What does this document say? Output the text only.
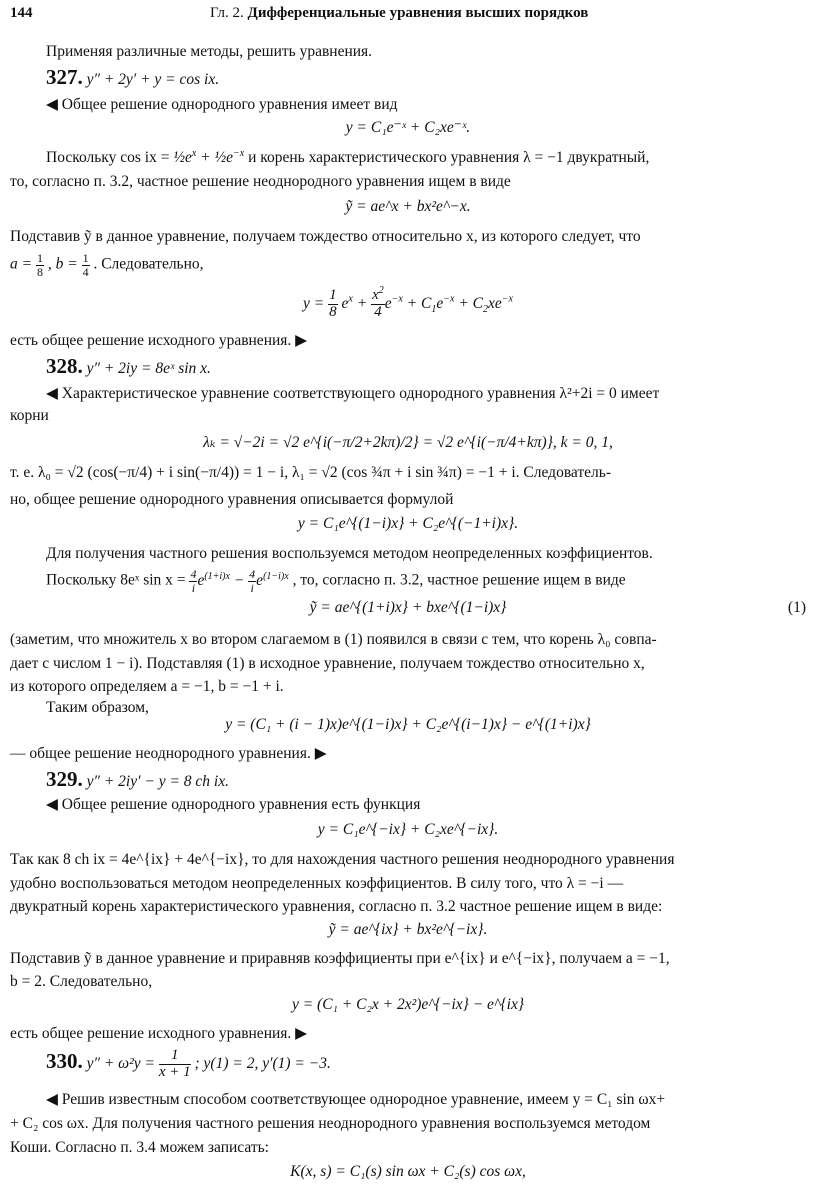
144	Гл. 2. Дифференциальные уравнения высших порядков
Применяя различные методы, решить уравнения.
327. y″ + 2y′ + y = cos ix.
◀ Общее решение однородного уравнения имеет вид
y = C₁e⁻ˣ + C₂xe⁻ˣ.
Поскольку cos ix = $\frac{1}{2}e^x$ + $\frac{1}{2}e^{-x}$ и корень характеристического уравнения λ = −1 двукратный,
то, согласно п. 3.2, частное решение неоднородного уравнения ищем в виде
ỹ = ae^x + bx²e^−x.
Подставив ỹ в данное уравнение, получаем тождество относительно x, из которого следует, что
$a = \frac{1}{8}$ , $b = \frac{1}{4}$ . Следовательно,
$y = \frac{1}{8} e^x + \frac{x^2}{4} e^{-x} + C_1e^{-x} + C_2xe^{-x}$
есть общее решение исходного уравнения. ▶
328. y″ + 2iy = 8eˣ sin x.
◀ Характеристическое уравнение соответствующего однородного уравнения λ²+2i = 0 имеет
корни
λₖ = √−2i = √2 e^{i(−π/2+2kπ)/2} = √2 e^{i(−π/4+kπ)}, k = 0, 1,
т. е. λ₀ = √2 (cos(−π/4) + i sin(−π/4)) = 1 − i, λ₁ = √2 (cos ¾π + i sin ¾π) = −1 + i. Следователь-
но, общее решение однородного уравнения описывается формулой
y = C₁e^{(1−i)x} + C₂e^{(−1+i)x}.
Для получения частного решения воспользуемся методом неопределенных коэффициентов.
Поскольку 8eˣ $\sin x = \frac{4}{i} e^{(1+i)x} - \frac{4}{i} e^{(1-i)x}$ , то, согласно п. 3.2, частное решение ищем в виде
ỹ = ae^{(1+i)x} + bxe^{(1−i)x}	(1)
(заметим, что множитель x во втором слагаемом в (1) появился в связи с тем, что корень λ₀ совпа-
дает с числом 1 − i). Подставляя (1) в исходное уравнение, получаем тождество относительно x,
из которого определяем a = −1, b = −1 + i.
Таким образом,
y = (C₁ + (i − 1)x)e^{(1−i)x} + C₂e^{(i−1)x} − e^{(1+i)x}
— общее решение неоднородного уравнения. ▶
329. y″ + 2iy′ − y = 8 ch ix.
◀ Общее решение однородного уравнения есть функция
y = C₁e^{−ix} + C₂xe^{−ix}.
Так как 8 ch ix = 4e^{ix} + 4e^{−ix}, то для нахождения частного решения неоднородного уравнения
удобно воспользоваться методом неопределенных коэффициентов. В силу того, что λ = −i —
двукратный корень характеристического уравнения, согласно п. 3.2 частное решение ищем в виде:
ỹ = ae^{ix} + bx²e^{−ix}.
Подставив ỹ в данное уравнение и приравняв коэффициенты при e^{ix} и e^{−ix}, получаем a = −1,
b = 2. Следовательно,
y = (C₁ + C₂x + 2x²)e^{−ix} − e^{ix}
есть общее решение исходного уравнения. ▶
330. $y'' + \omega^2y = \frac{1}{x + 1}$ ; y(1) = 2, y′(1) = −3.
◀ Решив известным способом соответствующее однородное уравнение, имеем y = C₁ sin ωx+
+ C₂ cos ωx. Для получения частного решения неоднородного уравнения воспользуемся методом
Коши. Согласно п. 3.4 можем записать:
K(x, s) = C₁(s) sin ωx + C₂(s) cos ωx,
